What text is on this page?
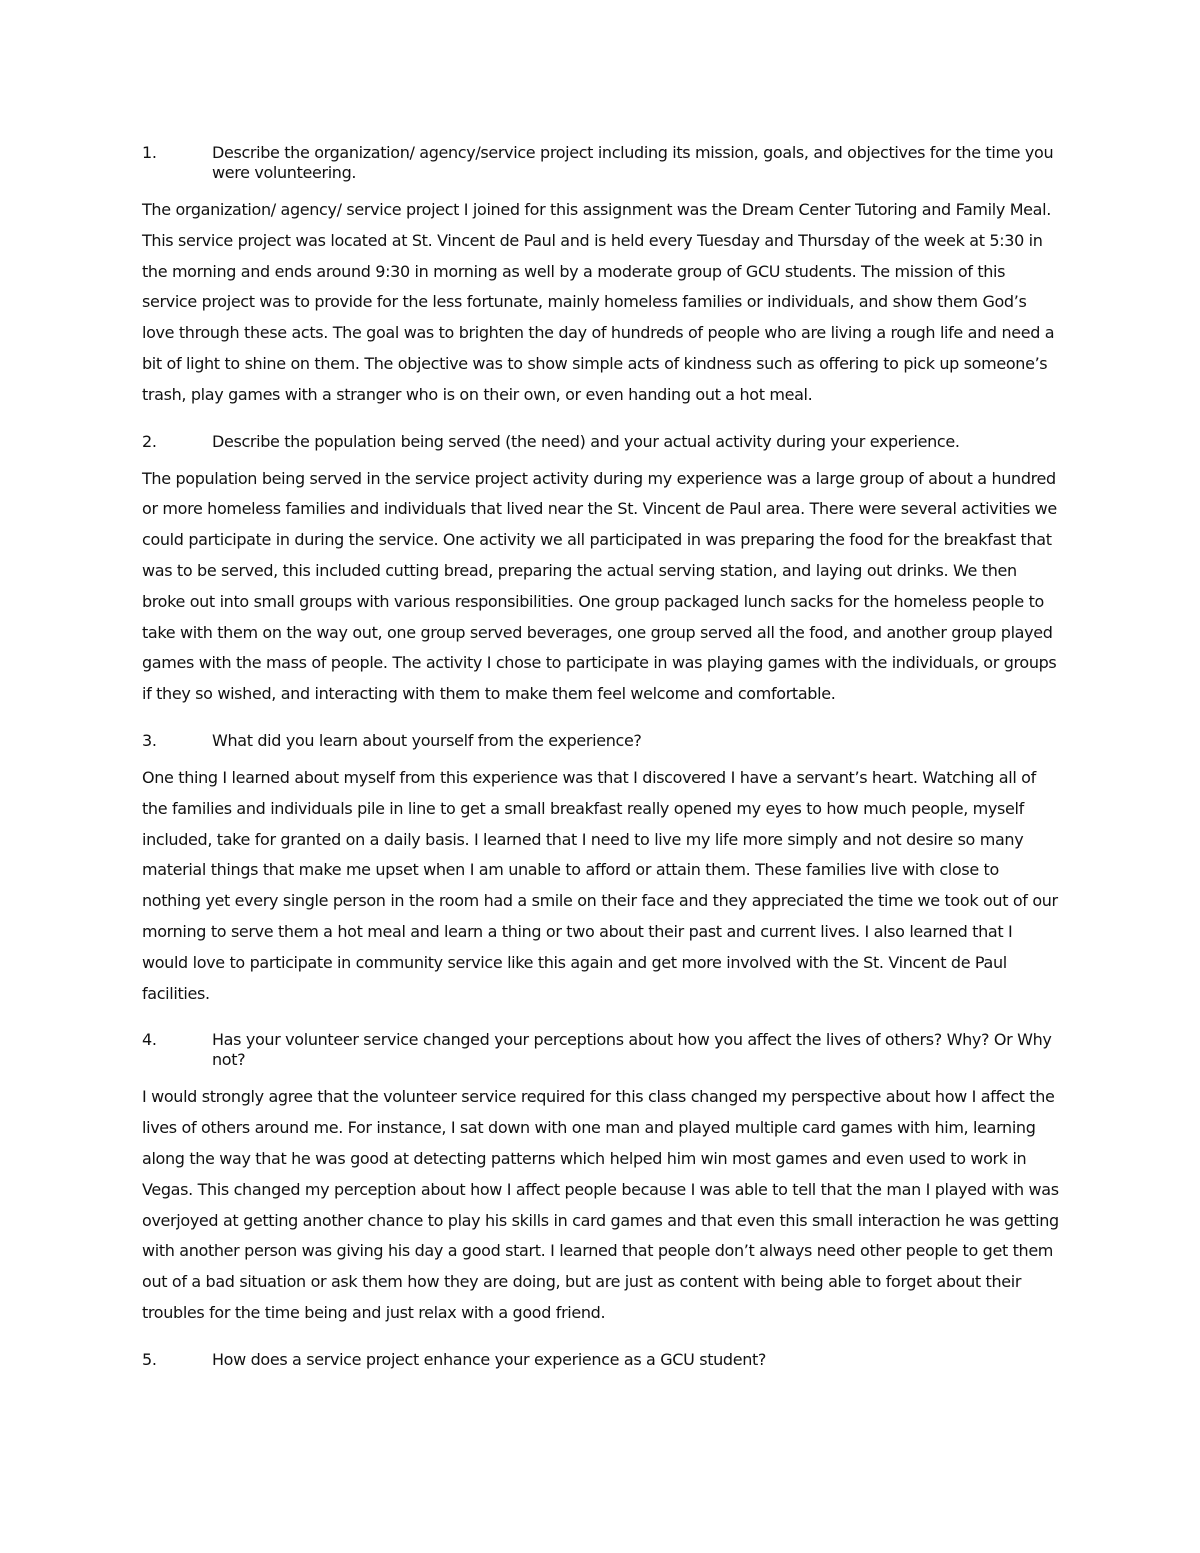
1.	Describe the organization/ agency/service project including its mission, goals, and objectives for the time you were volunteering.

The organization/ agency/ service project I joined for this assignment was the Dream Center Tutoring and Family Meal. This service project was located at St. Vincent de Paul and is held every Tuesday and Thursday of the week at 5:30 in the morning and ends around 9:30 in morning as well by a moderate group of GCU students. The mission of this service project was to provide for the less fortunate, mainly homeless families or individuals, and show them God’s love through these acts. The goal was to brighten the day of hundreds of people who are living a rough life and need a bit of light to shine on them. The objective was to show simple acts of kindness such as offering to pick up someone’s trash, play games with a stranger who is on their own, or even handing out a hot meal.

2.	Describe the population being served (the need) and your actual activity during your experience.

The population being served in the service project activity during my experience was a large group of about a hundred or more homeless families and individuals that lived near the St. Vincent de Paul area. There were several activities we could participate in during the service. One activity we all participated in was preparing the food for the breakfast that was to be served, this included cutting bread, preparing the actual serving station, and laying out drinks. We then broke out into small groups with various responsibilities. One group packaged lunch sacks for the homeless people to take with them on the way out, one group served beverages, one group served all the food, and another group played games with the mass of people. The activity I chose to participate in was playing games with the individuals, or groups if they so wished, and interacting with them to make them feel welcome and comfortable.

3.	What did you learn about yourself from the experience?

One thing I learned about myself from this experience was that I discovered I have a servant’s heart. Watching all of the families and individuals pile in line to get a small breakfast really opened my eyes to how much people, myself included, take for granted on a daily basis. I learned that I need to live my life more simply and not desire so many material things that make me upset when I am unable to afford or attain them. These families live with close to nothing yet every single person in the room had a smile on their face and they appreciated the time we took out of our morning to serve them a hot meal and learn a thing or two about their past and current lives. I also learned that I would love to participate in community service like this again and get more involved with the St. Vincent de Paul facilities.

4.	Has your volunteer service changed your perceptions about how you affect the lives of others? Why? Or Why not?

I would strongly agree that the volunteer service required for this class changed my perspective about how I affect the lives of others around me. For instance, I sat down with one man and played multiple card games with him, learning along the way that he was good at detecting patterns which helped him win most games and even used to work in Vegas. This changed my perception about how I affect people because I was able to tell that the man I played with was overjoyed at getting another chance to play his skills in card games and that even this small interaction he was getting with another person was giving his day a good start. I learned that people don’t always need other people to get them out of a bad situation or ask them how they are doing, but are just as content with being able to forget about their troubles for the time being and just relax with a good friend.

5.	How does a service project enhance your experience as a GCU student?
